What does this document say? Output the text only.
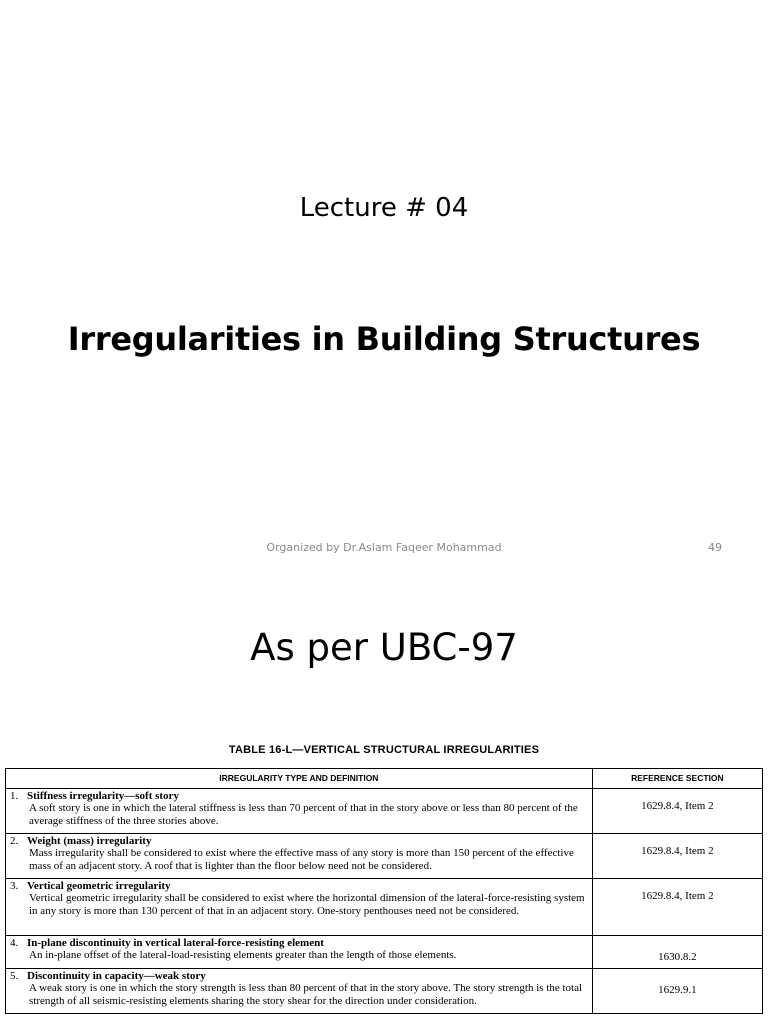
Lecture # 04
Irregularities in Building Structures
Organized by Dr.Aslam Faqeer Mohammad	49
As per UBC-97
TABLE 16-L—VERTICAL STRUCTURAL IRREGULARITIES
IRREGULARITY TYPE AND DEFINITION	REFERENCE SECTION

1. Stiffness irregularity—soft story
A soft story is one in which the lateral stiffness is less than 70 percent of that in the story above or less than 80 percent of the average stiffness of the three stories above.	1629.8.4, Item 2

2. Weight (mass) irregularity
Mass irregularity shall be considered to exist where the effective mass of any story is more than 150 percent of the effective mass of an adjacent story. A roof that is lighter than the floor below need not be considered.	1629.8.4, Item 2

3. Vertical geometric irregularity
Vertical geometric irregularity shall be considered to exist where the horizontal dimension of the lateral-force-resisting system in any story is more than 130 percent of that in an adjacent story. One-story penthouses need not be considered.	1629.8.4, Item 2

4. In-plane discontinuity in vertical lateral-force-resisting element
An in-plane offset of the lateral-load-resisting elements greater than the length of those elements.	1630.8.2

5. Discontinuity in capacity—weak story
A weak story is one in which the story strength is less than 80 percent of that in the story above. The story strength is the total strength of all seismic-resisting elements sharing the story shear for the direction under consideration.	1629.9.1
